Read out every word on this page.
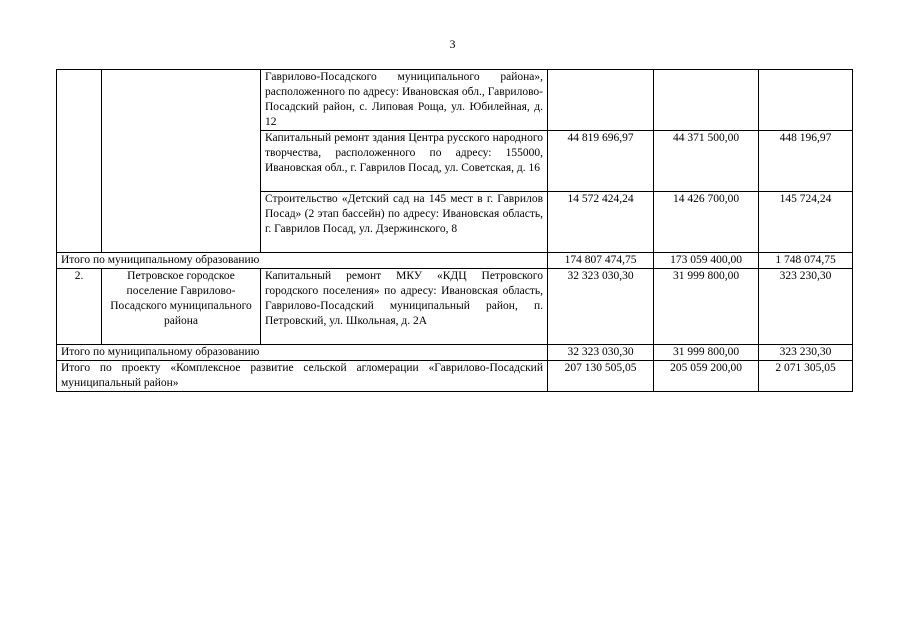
3
		Гаврилово-Посадского муниципального района», расположенного по адресу: Ивановская обл., Гаврилово-Посадский район, с. Липовая Роща, ул. Юбилейная, д. 12			
		Капитальный ремонт здания Центра русского народного творчества, расположенного по адресу: 155000, Ивановская обл., г. Гаврилов Посад, ул. Советская, д. 16	44 819 696,97	44 371 500,00	448 196,97
		Строительство «Детский сад на 145 мест в г. Гаврилов Посад» (2 этап бассейн) по адресу: Ивановская область, г. Гаврилов Посад, ул. Дзержинского, 8	14 572 424,24	14 426 700,00	145 724,24
Итого по муниципальному образованию			174 807 474,75	173 059 400,00	1 748 074,75
2.	Петровское городское поселение Гаврилово-Посадского муниципального района	Капитальный ремонт МКУ «КДЦ Петровского городского поселения» по адресу: Ивановская область, Гаврилово-Посадский муниципальный район, п. Петровский, ул. Школьная, д. 2А	32 323 030,30	31 999 800,00	323 230,30
Итого по муниципальному образованию			32 323 030,30	31 999 800,00	323 230,30
Итого по проекту «Комплексное развитие сельской агломерации «Гаврилово-Посадский муниципальный район»			207 130 505,05	205 059 200,00	2 071 305,05
